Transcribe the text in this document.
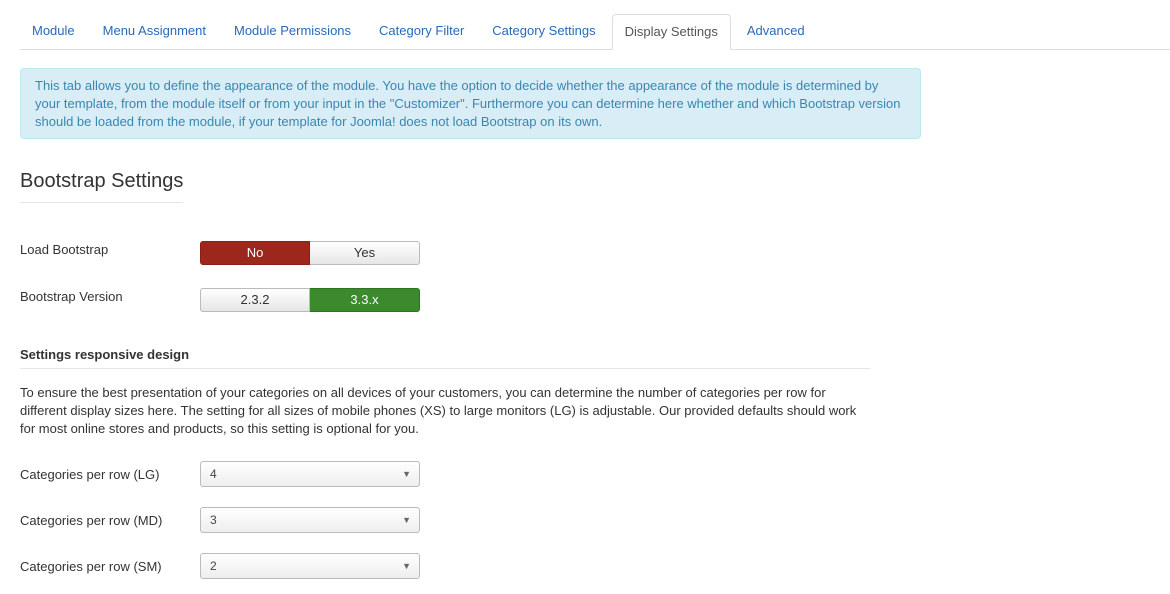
Module	Menu Assignment	Module Permissions	Category Filter	Category Settings	Display Settings	Advanced
This tab allows you to define the appearance of the module. You have the option to decide whether the appearance of the module is determined by your template, from the module itself or from your input in the "Customizer". Furthermore you can determine here whether and which Bootstrap version should be loaded from the module, if your template for Joomla! does not load Bootstrap on its own.
Bootstrap Settings
Load Bootstrap	No	Yes
Bootstrap Version	2.3.2	3.3.x
Settings responsive design
To ensure the best presentation of your categories on all devices of your customers, you can determine the number of categories per row for different display sizes here. The setting for all sizes of mobile phones (XS) to large monitors (LG) is adjustable. Our provided defaults should work for most online stores and products, so this setting is optional for you.
Categories per row (LG)	4	▼
Categories per row (MD)	3	▼
Categories per row (SM)	2	▼
